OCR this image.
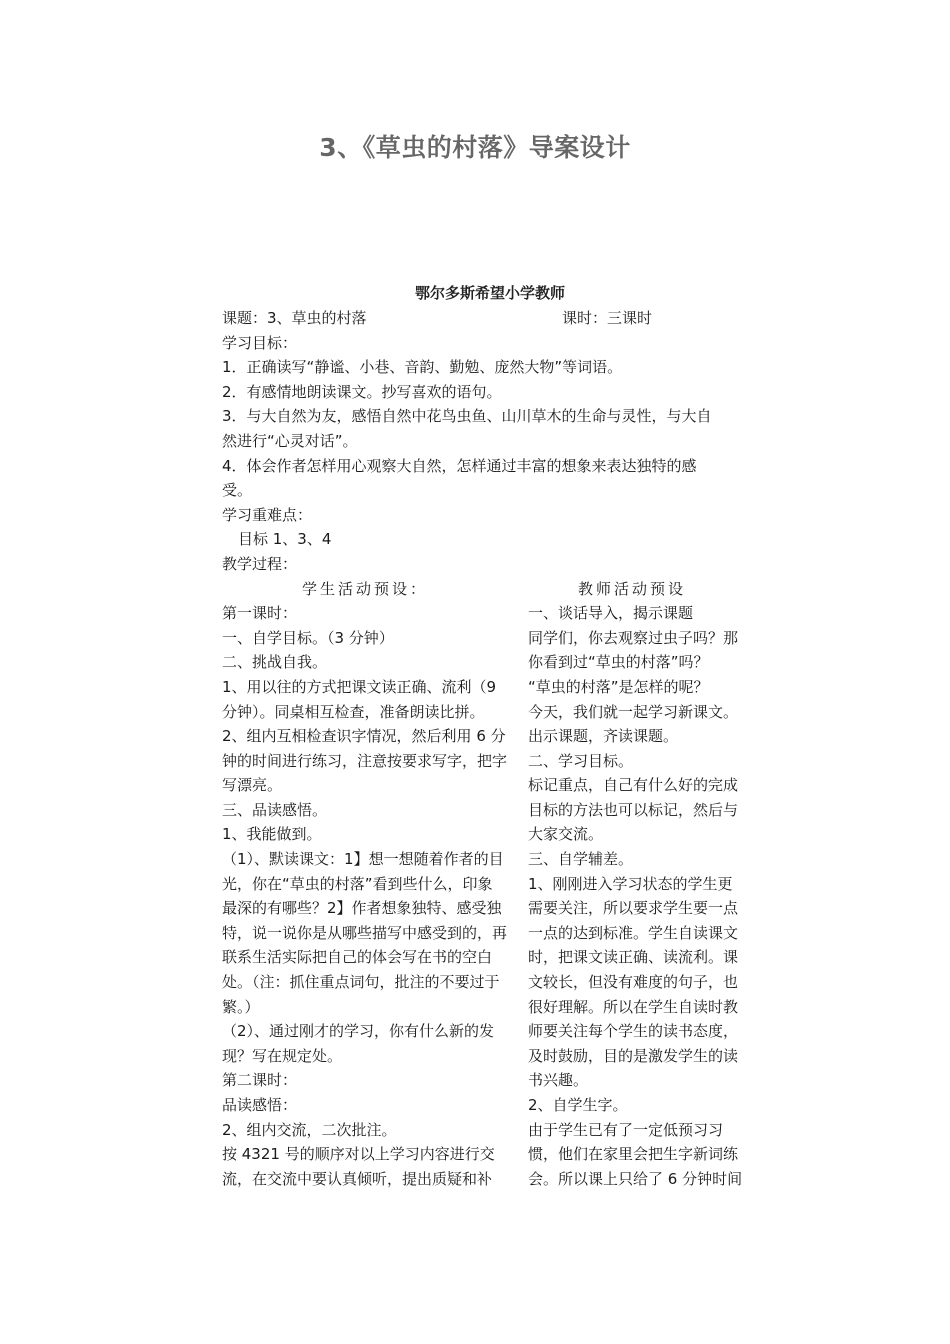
3、《草虫的村落》导案设计
鄂尔多斯希望小学教师
课题：3、草虫的村落	课时：三课时
学习目标：
1．正确读写“静谧、小巷、音韵、勤勉、庞然大物”等词语。
2．有感情地朗读课文。抄写喜欢的语句。
3．与大自然为友，感悟自然中花鸟虫鱼、山川草木的生命与灵性，与大自
然进行“心灵对话”。
4．体会作者怎样用心观察大自然，怎样通过丰富的想象来表达独特的感
受。
学习重难点：
目标 1、3、4
教学过程：
学生活动预设：	教师活动预设
第一课时：
一、自学目标。（3 分钟）
二、挑战自我。
1、用以往的方式把课文读正确、流利（9
分钟）。同桌相互检查，准备朗读比拼。
2、组内互相检查识字情况，然后利用 6 分
钟的时间进行练习，注意按要求写字，把字
写漂亮。
三、品读感悟。
1、我能做到。
（1）、默读课文：1】想一想随着作者的目
光，你在“草虫的村落”看到些什么，印象
最深的有哪些？2】作者想象独特、感受独
特，说一说你是从哪些描写中感受到的，再
联系生活实际把自己的体会写在书的空白
处。（注：抓住重点词句，批注的不要过于
繁。）
（2）、通过刚才的学习，你有什么新的发
现？写在规定处。
第二课时：
品读感悟：
2、组内交流，二次批注。
按 4321 号的顺序对以上学习内容进行交
流，在交流中要认真倾听，提出质疑和补
一、谈话导入，揭示课题
同学们，你去观察过虫子吗？那
你看到过“草虫的村落”吗？
“草虫的村落”是怎样的呢？
今天，我们就一起学习新课文。
出示课题，齐读课题。
二、学习目标。
标记重点，自己有什么好的完成
目标的方法也可以标记，然后与
大家交流。
三、自学辅差。
1、刚刚进入学习状态的学生更
需要关注，所以要求学生要一点
一点的达到标准。学生自读课文
时，把课文读正确、读流利。课
文较长，但没有难度的句子，也
很好理解。所以在学生自读时教
师要关注每个学生的读书态度，
及时鼓励，目的是激发学生的读
书兴趣。
2、自学生字。
由于学生已有了一定低预习习
惯，他们在家里会把生字新词练
会。所以课上只给了 6 分钟时间
